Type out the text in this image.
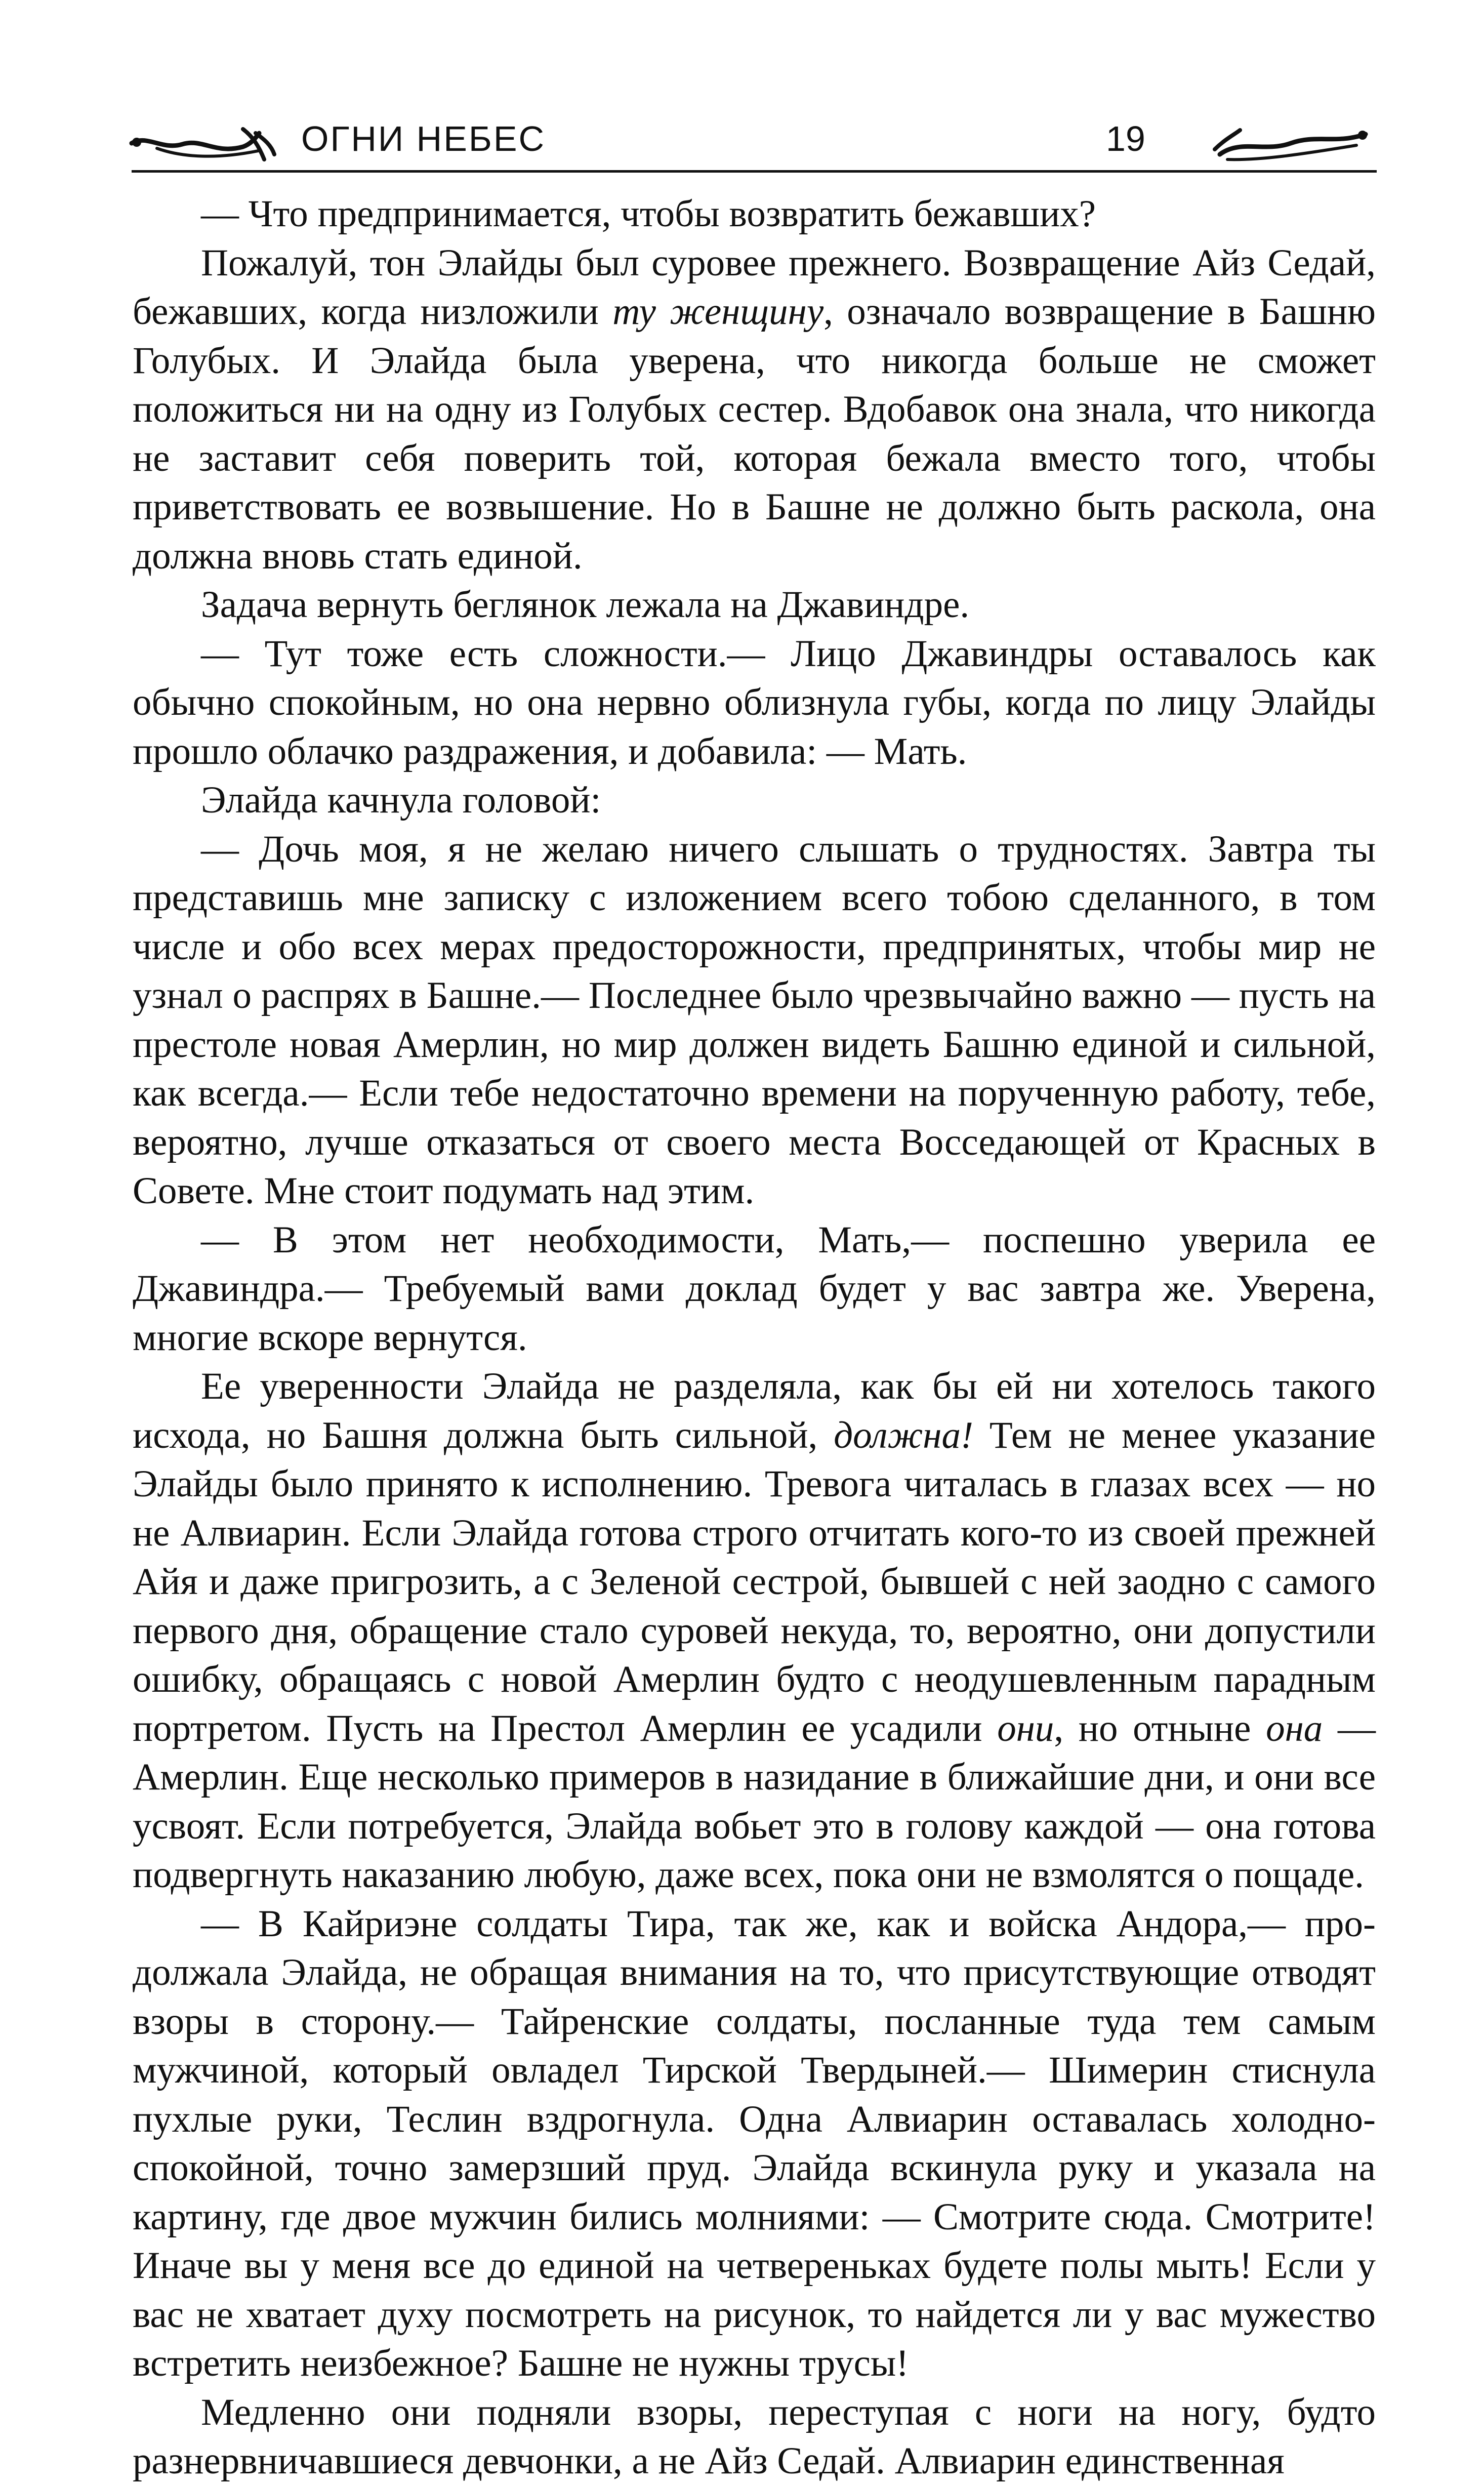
ОГНИ НЕБЕС	19

— Что предпринимается, чтобы возвратить бежавших?

Пожалуй, тон Элайды был суровее прежнего. Возвращение Айз Седай, бежавших, когда низложили ту женщину, означало возвращение в Башню Голубых. И Элайда была уверена, что никогда больше не сможет положиться ни на одну из Голубых сестер. Вдобавок она знала, что никогда не заставит себя поверить той, которая бежала вместо того, чтобы приветствовать ее возвышение. Но в Башне не должно быть раскола, она должна вновь стать единой.

Задача вернуть беглянок лежала на Джавиндре.

— Тут тоже есть сложности.— Лицо Джавиндры оставалось как обычно спокойным, но она нервно облизнула губы, когда по лицу Элайды прошло облачко раздражения, и добавила: — Мать.

Элайда качнула головой:

— Дочь моя, я не желаю ничего слышать о трудностях. Завтра ты представишь мне записку с изложением всего тобою сделанного, в том числе и обо всех мерах предосторожности, предпринятых, чтобы мир не узнал о распрях в Башне.— Последнее было чрезвычайно важно — пусть на престоле новая Амерлин, но мир должен видеть Башню единой и сильной, как всегда.— Если тебе недостаточно времени на порученную работу, тебе, вероятно, лучше отказаться от своего места Восседающей от Красных в Совете. Мне стоит подумать над этим.

— В этом нет необходимости, Мать,— поспешно уверила ее Джавиндра.— Требуемый вами доклад будет у вас завтра же. Уверена, многие вскоре вернутся.

Ее уверенности Элайда не разделяла, как бы ей ни хотелось такого исхода, но Башня должна быть сильной, должна! Тем не менее указание Элайды было принято к исполнению. Тревога читалась в глазах всех — но не Алвиарин. Если Элайда готова строго отчитать кого-то из своей прежней Айя и даже пригрозить, а с Зеленой сестрой, бывшей с ней заодно с самого первого дня, обращение стало суровей некуда, то, вероятно, они допустили ошибку, обращаясь с новой Амерлин будто с неодушевленным парадным портретом. Пусть на Престол Амерлин ее усадили они, но отныне она — Амерлин. Еще несколько примеров в назидание в ближайшие дни, и они все усвоят. Если потребуется, Элайда вобьет это в голову каждой — она готова подвергнуть наказанию любую, даже всех, пока они не взмолятся о пощаде.

— В Кайриэне солдаты Тира, так же, как и войска Андора,— продолжала Элайда, не обращая внимания на то, что присутствующие отводят взоры в сторону.— Тайренские солдаты, посланные туда тем самым мужчиной, который овладел Тирской Твердыней.— Шимерин стиснула пухлые руки, Теслин вздрогнула. Одна Алвиарин оставалась холодно-спокойной, точно замерзший пруд. Элайда вскинула руку и указала на картину, где двое мужчин бились молниями: — Смотрите сюда. Смотрите! Иначе вы у меня все до единой на четвереньках будете полы мыть! Если у вас не хватает духу посмотреть на рисунок, то найдется ли у вас мужество встретить неизбежное? Башне не нужны трусы!

Медленно они подняли взоры, переступая с ноги на ногу, будто разнервничавшиеся девчонки, а не Айз Седай. Алвиарин единственная
